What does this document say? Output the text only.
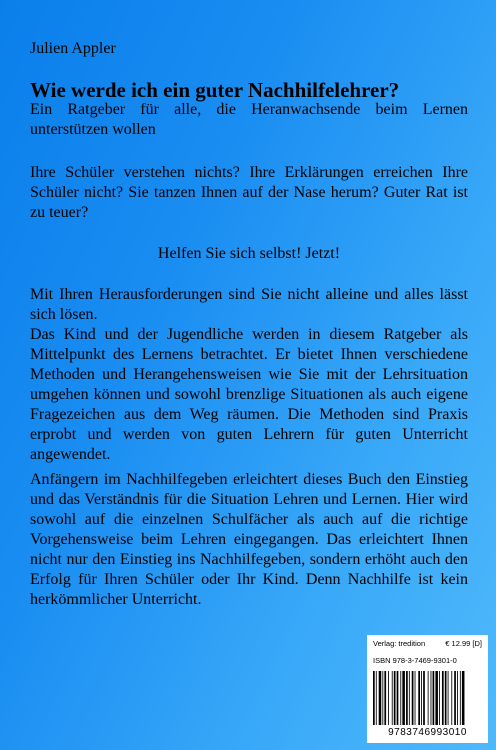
Julien Appler
Wie werde ich ein guter Nachhilfelehrer?
Ein Ratgeber für alle, die Heranwachsende beim Lernen unterstützen wollen

Ihre Schüler verstehen nichts? Ihre Erklärungen erreichen Ihre Schüler nicht? Sie tanzen Ihnen auf der Nase herum? Guter Rat ist zu teuer?

Helfen Sie sich selbst! Jetzt!
Mit Ihren Herausforderungen sind Sie nicht alleine und alles lässt sich lösen.
Das Kind und der Jugendliche werden in diesem Ratgeber als Mittelpunkt des Lernens betrachtet. Er bietet Ihnen verschiedene Methoden und Herangehensweisen wie Sie mit der Lehrsituation umgehen können und sowohl brenzlige Situationen als auch eigene Fragezeichen aus dem Weg räumen. Die Methoden sind Praxis erprobt und werden von guten Lehrern für guten Unterricht angewendet.

Anfängern im Nachhilfegeben erleichtert dieses Buch den Einstieg und das Verständnis für die Situation Lehren und Lernen. Hier wird sowohl auf die einzelnen Schulfächer als auch auf die richtige Vorgehensweise beim Lehren eingegangen. Das erleichtert Ihnen nicht nur den Einstieg ins Nachhilfegeben, sondern erhöht auch den Erfolg für Ihren Schüler oder Ihr Kind. Denn Nachhilfe ist kein herkömmlicher Unterricht.

Verlag: tredition	€ 12.99 [D]
ISBN 978-3-7469-9301-0
9783746993010
